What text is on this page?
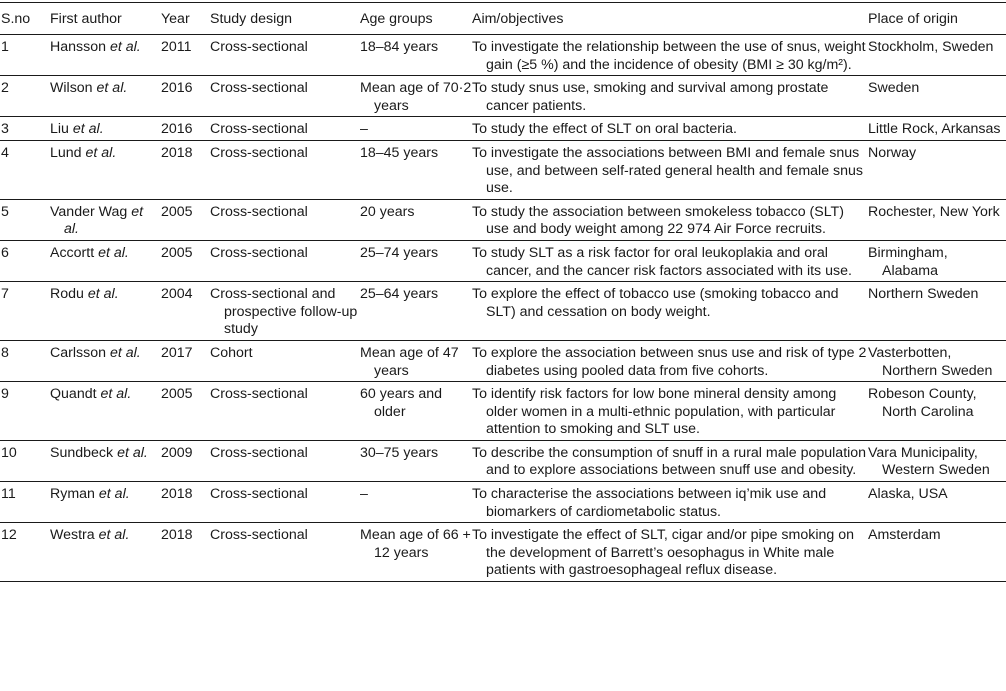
S.no	First author	Year	Study design	Age groups	Aim/objectives	Place of origin
1	Hansson et al.	2011	Cross-sectional	18–84 years	To investigate the relationship between the use of snus, weight gain (≥5 %) and the incidence of obesity (BMI ≥ 30 kg/m²).	Stockholm, Sweden
2	Wilson et al.	2016	Cross-sectional	Mean age of 70·2 years	To study snus use, smoking and survival among prostate cancer patients.	Sweden
3	Liu et al.	2016	Cross-sectional	–	To study the effect of SLT on oral bacteria.	Little Rock, Arkansas
4	Lund et al.	2018	Cross-sectional	18–45 years	To investigate the associations between BMI and female snus use, and between self-rated general health and female snus use.	Norway
5	Vander Wag et al.	2005	Cross-sectional	20 years	To study the association between smokeless tobacco (SLT) use and body weight among 22 974 Air Force recruits.	Rochester, New York
6	Accortt et al.	2005	Cross-sectional	25–74 years	To study SLT as a risk factor for oral leukoplakia and oral cancer, and the cancer risk factors associated with its use.	Birmingham, Alabama
7	Rodu et al.	2004	Cross-sectional and prospective follow-up study	25–64 years	To explore the effect of tobacco use (smoking tobacco and SLT) and cessation on body weight.	Northern Sweden
8	Carlsson et al.	2017	Cohort	Mean age of 47 years	To explore the association between snus use and risk of type 2 diabetes using pooled data from five cohorts.	Vasterbotten, Northern Sweden
9	Quandt et al.	2005	Cross-sectional	60 years and older	To identify risk factors for low bone mineral density among older women in a multi-ethnic population, with particular attention to smoking and SLT use.	Robeson County, North Carolina
10	Sundbeck et al.	2009	Cross-sectional	30–75 years	To describe the consumption of snuff in a rural male population and to explore associations between snuff use and obesity.	Vara Municipality, Western Sweden
11	Ryman et al.	2018	Cross-sectional	–	To characterise the associations between iq’mik use and biomarkers of cardiometabolic status.	Alaska, USA
12	Westra et al.	2018	Cross-sectional	Mean age of 66 + 12 years	To investigate the effect of SLT, cigar and/or pipe smoking on the development of Barrett’s oesophagus in White male patients with gastroesophageal reflux disease.	Amsterdam
